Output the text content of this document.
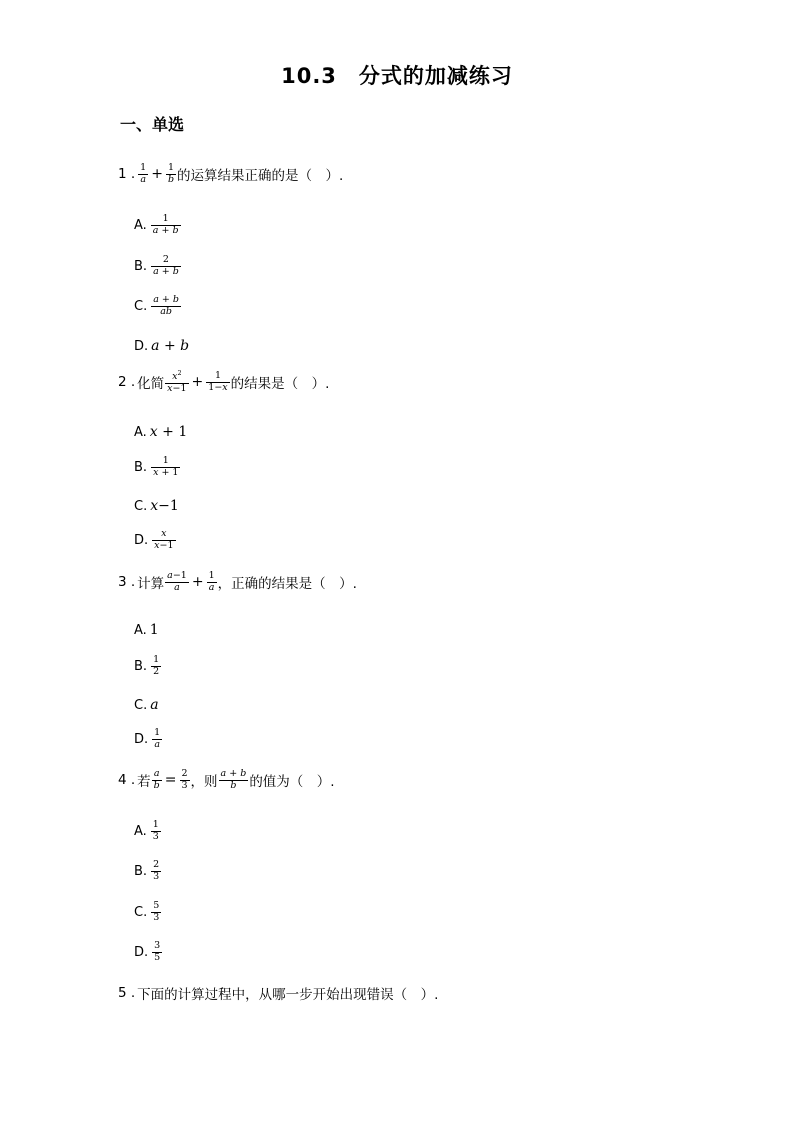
10.3　分式的加减练习
一、单选
1 . $\frac{1}{a} + \frac{1}{b}$ 的运算结果正确的是（　）.
A. $\frac{1}{a + b}$
B. $\frac{2}{a + b}$
C. $\frac{a + b}{ab}$
D. a + b
2 . 化简 $\frac{x^2}{x-1} + \frac{1}{1-x}$ 的结果是（　）.
A. x + 1
B. $\frac{1}{x + 1}$
C. x−1
D. $\frac{x}{x-1}$
3 . 计算 $\frac{a-1}{a} + \frac{1}{a}$ ，正确的结果是（　）.
A. 1
B. $\frac{1}{2}$
C. a
D. $\frac{1}{a}$
4 . 若 $\frac{a}{b} = \frac{2}{3}$ ，则 $\frac{a + b}{b}$ 的值为（　）.
A. $\frac{1}{3}$
B. $\frac{2}{3}$
C. $\frac{5}{3}$
D. $\frac{3}{5}$
5 . 下面的计算过程中，从哪一步开始出现错误（　）.
